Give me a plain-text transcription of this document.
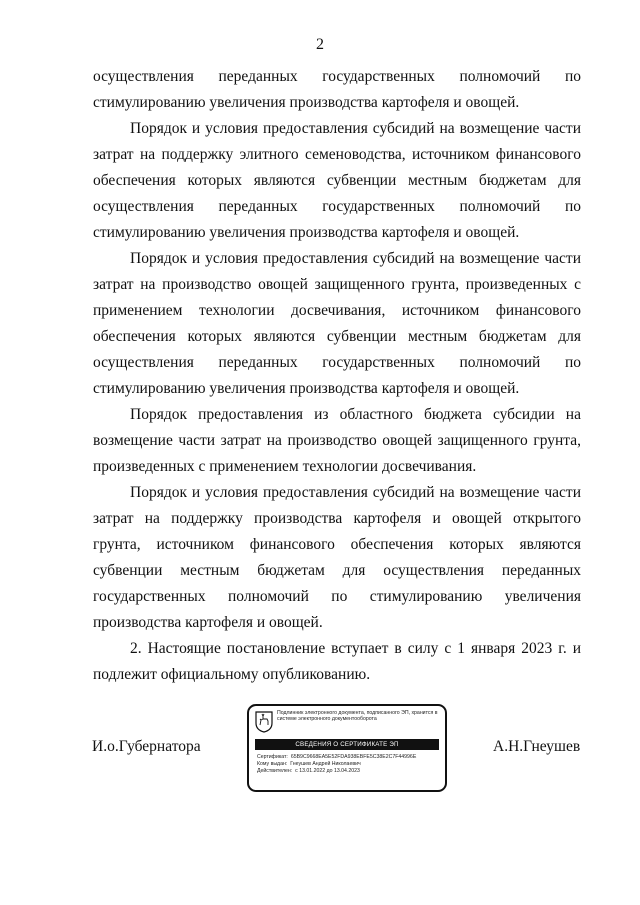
2

осуществления переданных государственных полномочий по стимулированию увеличения производства картофеля и овощей.

Порядок и условия предоставления субсидий на возмещение части затрат на поддержку элитного семеноводства, источником финансового обеспечения которых являются субвенции местным бюджетам для осуществления переданных государственных полномочий по стимулированию увеличения производства картофеля и овощей.

Порядок и условия предоставления субсидий на возмещение части затрат на производство овощей защищенного грунта, произведенных с применением технологии досвечивания, источником финансового обеспечения которых являются субвенции местным бюджетам для осуществления переданных государственных полномочий по стимулированию увеличения производства картофеля и овощей.

Порядок предоставления из областного бюджета субсидии на возмещение части затрат на производство овощей защищенного грунта, произведенных с применением технологии досвечивания.

Порядок и условия предоставления субсидий на возмещение части затрат на поддержку производства картофеля и овощей открытого грунта, источником финансового обеспечения которых являются субвенции местным бюджетам для осуществления переданных государственных полномочий по стимулированию увеличения производства картофеля и овощей.

2. Настоящие постановление вступает в силу с 1 января 2023 г. и подлежит официальному опубликованию.

И.о.Губернатора	А.Н.Гнеушев
Подлинник электронного документа, подписанного ЭП, хранится в системе электронного документооборота
СВЕДЕНИЯ О СЕРТИФИКАТЕ ЭП
Сертификат: 65B9C9668EA5E52FDA938EBFE5C38E2C7F44996E
Кому выдан: Гнеушев Андрей Николаевич
Действителен: с 13.01.2022 до 13.04.2023
